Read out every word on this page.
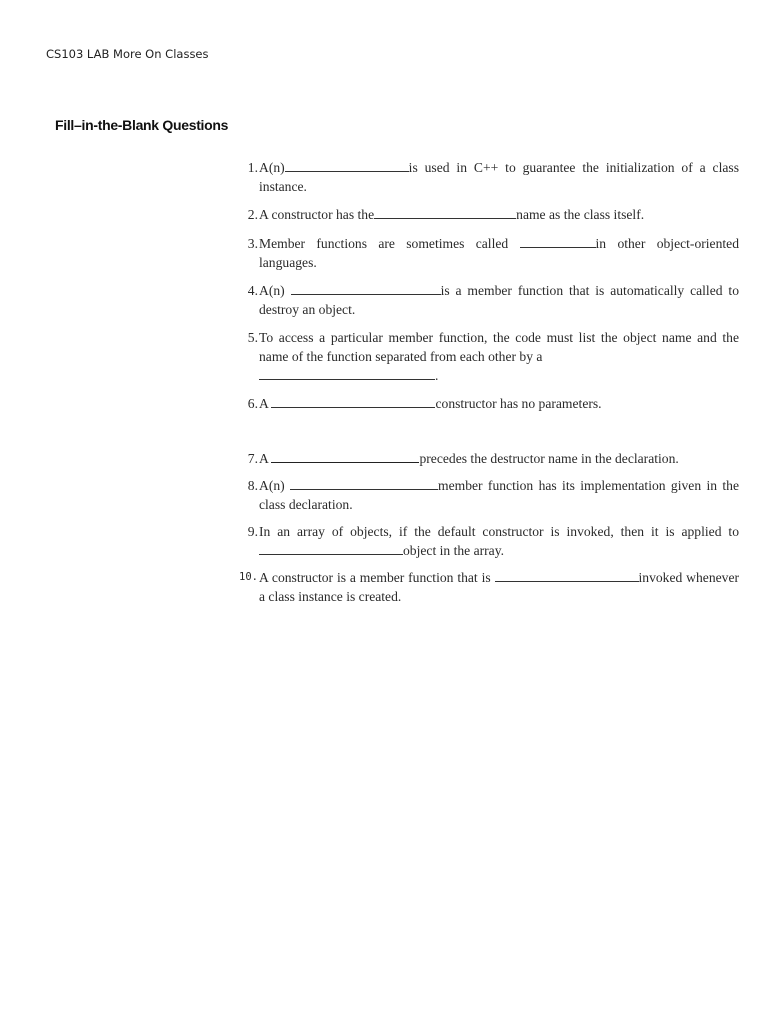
CS103 LAB More On Classes
Fill–in-the-Blank Questions
1. A(n)	is used in C++ to guarantee the initialization of a class instance.
2. A constructor has the	name as the class itself.
3. Member functions are sometimes called	in other object-oriented languages.
4. A(n)	is a member function that is automatically called to destroy an object.
5. To access a particular member function, the code must list the object name and the name of the function separated from each other by a
.
6. A	constructor has no parameters.
7. A	precedes the destructor name in the declaration.
8. A(n)	member function has its implementation given in the class declaration.
9. In an array of objects, if the default constructor is invoked, then it is applied to object in the array.
10. A constructor is a member function that is	invoked whenever a class instance is created.
